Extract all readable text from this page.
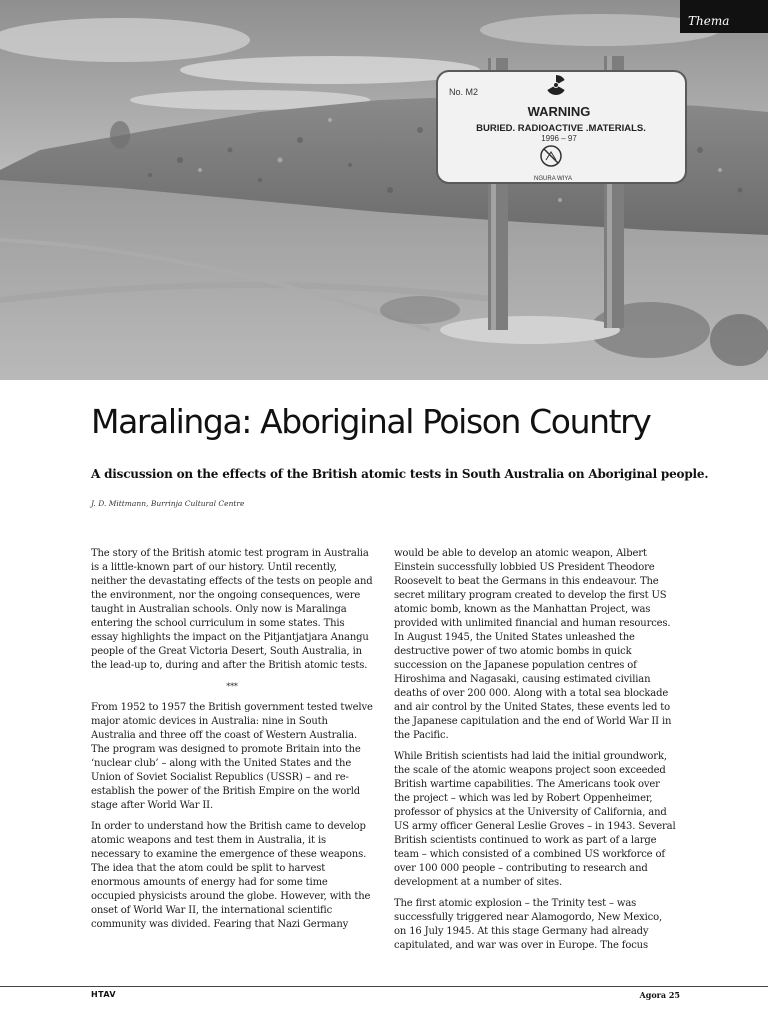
No. M2
WARNING
BURIED. RADIOACTIVE .MATERIALS.
1996 – 97
NGURA WIYA
Thema
Maralinga: Aboriginal Poison Country

A discussion on the effects of the British atomic tests in South Australia on Aboriginal people.

J. D. Mittmann, Burrinja Cultural Centre

The story of the British atomic test program in Australia is a little-known part of our history. Until recently, neither the devastating effects of the tests on people and the environment, nor the ongoing consequences, were taught in Australian schools. Only now is Maralinga entering the school curriculum in some states. This essay highlights the impact on the Pitjantjatjara Anangu people of the Great Victoria Desert, South Australia, in the lead-up to, during and after the British atomic tests.

***

From 1952 to 1957 the British government tested twelve major atomic devices in Australia: nine in South Australia and three off the coast of Western Australia. The program was designed to promote Britain into the ‘nuclear club’ – along with the United States and the Union of Soviet Socialist Republics (USSR) – and re-establish the power of the British Empire on the world stage after World War II.

In order to understand how the British came to develop atomic weapons and test them in Australia, it is necessary to examine the emergence of these weapons. The idea that the atom could be split to harvest enormous amounts of energy had for some time occupied physicists around the globe. However, with the onset of World War II, the international scientific community was divided. Fearing that Nazi Germany

would be able to develop an atomic weapon, Albert Einstein successfully lobbied US President Theodore Roosevelt to beat the Germans in this endeavour. The secret military program created to develop the first US atomic bomb, known as the Manhattan Project, was provided with unlimited financial and human resources. In August 1945, the United States unleashed the destructive power of two atomic bombs in quick succession on the Japanese population centres of Hiroshima and Nagasaki, causing estimated civilian deaths of over 200 000. Along with a total sea blockade and air control by the United States, these events led to the Japanese capitulation and the end of World War II in the Pacific.

While British scientists had laid the initial groundwork, the scale of the atomic weapons project soon exceeded British wartime capabilities. The Americans took over the project – which was led by Robert Oppenheimer, professor of physics at the University of California, and US army officer General Leslie Groves – in 1943. Several British scientists continued to work as part of a large team – which consisted of a combined US workforce of over 100 000 people – contributing to research and development at a number of sites.

The first atomic explosion – the Trinity test – was successfully triggered near Alamogordo, New Mexico, on 16 July 1945. At this stage Germany had already capitulated, and war was over in Europe. The focus

HTAV	Agora 25
